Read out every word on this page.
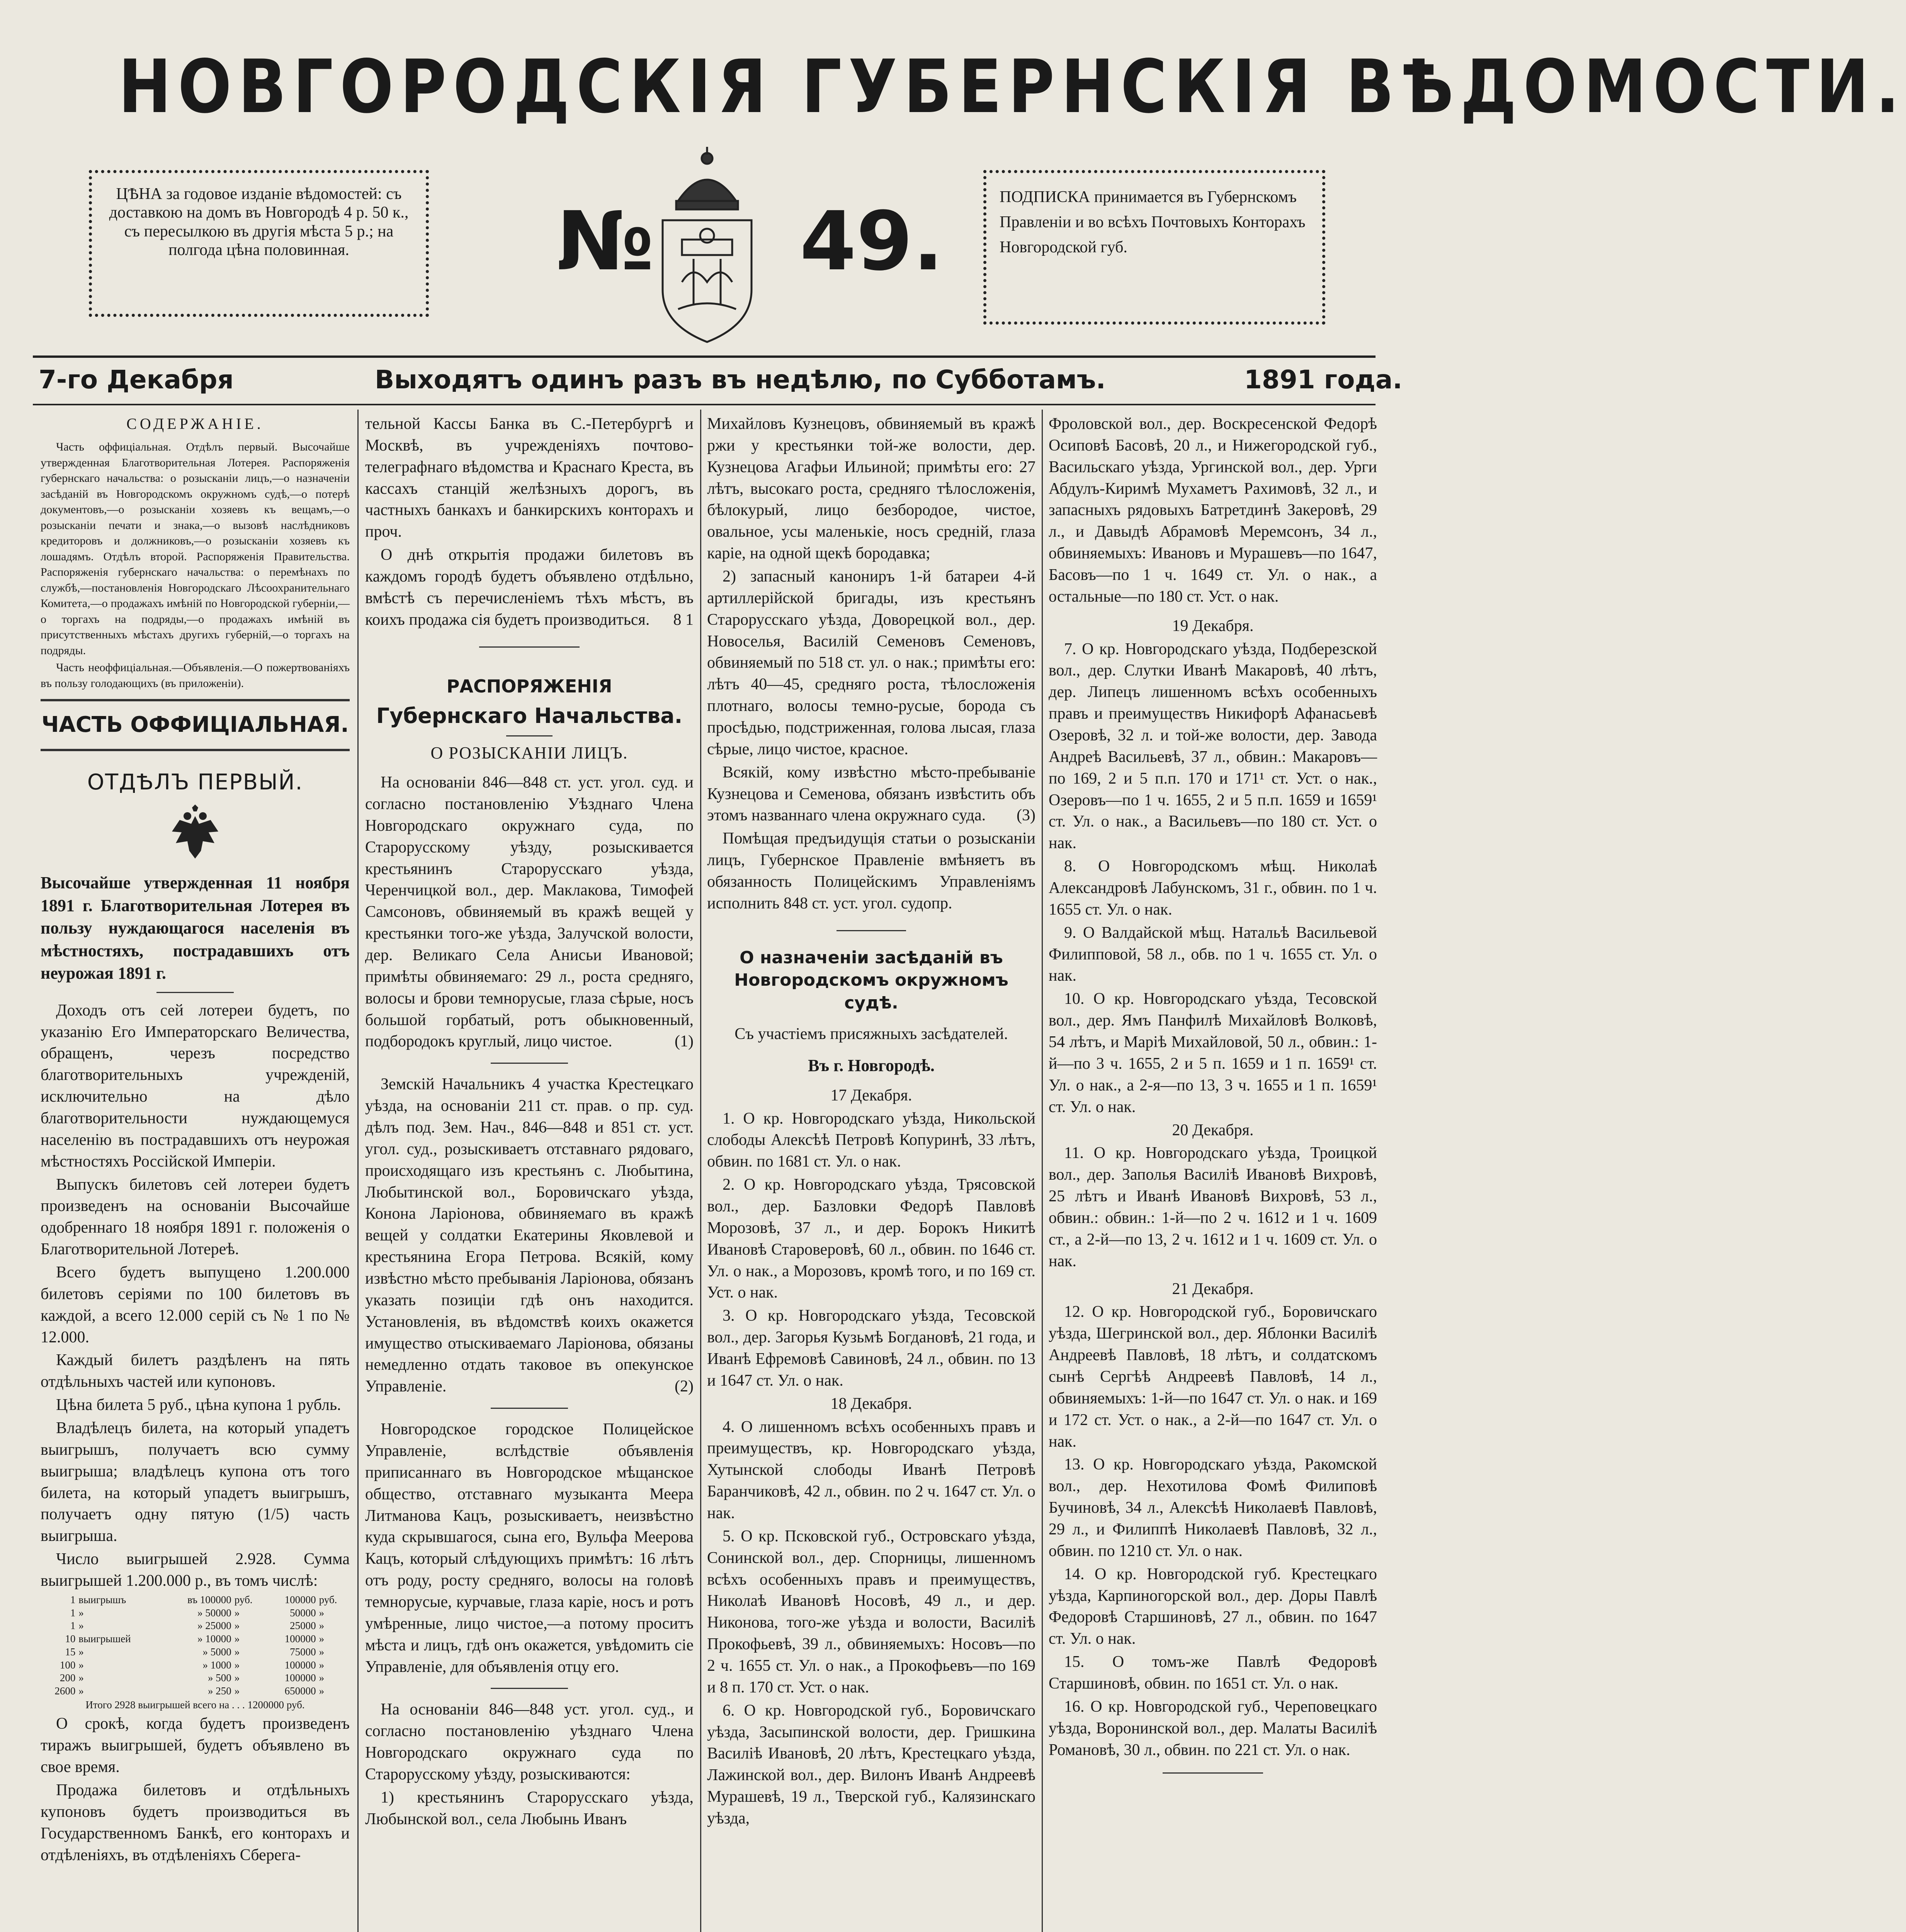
НОВГОРОДСКІЯ ГУБЕРНСКІЯ ВѢДОМОСТИ.
ЦѢНА за годовое изданіе вѣдомостей: съ доставкою на домъ въ Новгородѣ 4 р. 50 к., съ пересылкою въ другія мѣста 5 р.; на полгода цѣна половинная.	№ 49.	ПОДПИСКА принимается въ Губернскомъ Правленіи и во всѣхъ Почтовыхъ Конторахъ Новгородской губ.
7-го Декабря	Выходятъ одинъ разъ въ недѣлю, по Субботамъ.	1891 года.

СОДЕРЖАНІЕ.

Часть оффиціальная. Отдѣлъ первый. Высочайше утвержденная Благотворительная Лотерея. Распоряженія губернскаго начальства: о розысканіи лицъ,—о назначеніи засѣданій въ Новгородскомъ окружномъ судѣ,—о потерѣ документовъ,—о розысканіи хозяевъ къ вещамъ,—о розысканіи печати и знака,—о вызовѣ наслѣдниковъ кредиторовъ и должниковъ,—о розысканіи хозяевъ къ лошадямъ. Отдѣлъ второй. Распоряженія Правительства. Распоряженія губернскаго начальства: о перемѣнахъ по службѣ,—постановленія Новгородскаго Лѣсоохранительнаго Комитета,—о продажахъ имѣній по Новгородской губерніи,—о торгахъ на подряды,—о продажахъ имѣній въ присутственныхъ мѣстахъ другихъ губерній,—о торгахъ на подряды.

Часть неоффиціальная.—Объявленія.—О пожертвованіяхъ въ пользу голодающихъ (въ приложеніи).

ЧАСТЬ ОФФИЦІАЛЬНАЯ.

ОТДѢЛЪ ПЕРВЫЙ.

Высочайше утвержденная 11 ноября 1891 г. Благотворительная Лотерея въ пользу нуждающагося населенія въ мѣстностяхъ, пострадавшихъ отъ неурожая 1891 г.

Доходъ отъ сей лотереи будетъ, по указанію Его Императорскаго Величества, обращенъ, черезъ посредство благотворительныхъ учрежденій, исключительно на дѣло благотворительности нуждающемуся населенію въ пострадавшихъ отъ неурожая мѣстностяхъ Россійской Имперіи.

Выпускъ билетовъ сей лотереи будетъ произведенъ на основаніи Высочайше одобреннаго 18 ноября 1891 г. положенія о Благотворительной Лотереѣ.

Всего будетъ выпущено 1.200.000 билетовъ серіями по 100 билетовъ въ каждой, а всего 12.000 серій съ № 1 по № 12.000.

Каждый билетъ раздѣленъ на пять отдѣльныхъ частей или купоновъ.

Цѣна билета 5 руб., цѣна купона 1 рубль.

Владѣлецъ билета, на который упадетъ выигрышъ, получаетъ всю сумму выигрыша; владѣлецъ купона отъ того билета, на который упадетъ выигрышъ, получаетъ одну пятую (1/5) часть выигрыша.

Число выигрышей 2.928. Сумма выигрышей 1.200.000 р., въ томъ числѣ:

1	выигрышъ	въ 100000	руб.	100000	руб.
1	»	» 50000	»	50000	»
1	»	» 25000	»	25000	»
10	выигрышей	» 10000	»	100000	»
15	»	» 5000	»	75000	»
100	»	» 1000	»	100000	»
200	»	» 500	»	100000	»
2600	»	» 250	»	650000	»

Итого 2928 выигрышей всего на . . . 1200000 руб.

О срокѣ, когда будетъ произведенъ тиражъ выигрышей, будетъ объявлено въ свое время.

Продажа билетовъ и отдѣльныхъ купоновъ будетъ производиться въ Государственномъ Банкѣ, его конторахъ и отдѣленіяхъ, въ отдѣленіяхъ Сберега-

тельной Кассы Банка въ С.-Петербургѣ и Москвѣ, въ учрежденіяхъ почтово-телеграфнаго вѣдомства и Краснаго Креста, въ кассахъ станцій желѣзныхъ дорогъ, въ частныхъ банкахъ и банкирскихъ конторахъ и проч.

О днѣ открытія продажи билетовъ въ каждомъ городѣ будетъ объявлено отдѣльно, вмѣстѣ съ перечисленіемъ тѣхъ мѣстъ, въ коихъ продажа сія будетъ производиться.	8 1

РАСПОРЯЖЕНІЯ

Губернскаго Начальства.

О РОЗЫСКАНІИ ЛИЦЪ.

На основаніи 846—848 ст. уст. угол. суд. и согласно постановленію Уѣзднаго Члена Новгородскаго окружнаго суда, по Старорусскому уѣзду, розыскивается крестьянинъ Старорусскаго уѣзда, Черенчицкой вол., дер. Маклакова, Тимофей Самсоновъ, обвиняемый въ кражѣ вещей у крестьянки того-же уѣзда, Залучской волости, дер. Великаго Села Анисьи Ивановой; примѣты обвиняемаго: 29 л., роста средняго, волосы и брови темнорусые, глаза сѣрые, носъ большой горбатый, ротъ обыкновенный, подбородокъ круглый, лицо чистое.	(1)

Земскій Начальникъ 4 участка Крестецкаго уѣзда, на основаніи 211 ст. прав. о пр. суд. дѣлъ под. Зем. Нач., 846—848 и 851 ст. уст. угол. суд., розыскиваетъ отставнаго рядоваго, происходящаго изъ крестьянъ с. Любытина, Любытинской вол., Боровичскаго уѣзда, Конона Ларіонова, обвиняемаго въ кражѣ вещей у солдатки Екатерины Яковлевой и крестьянина Егора Петрова. Всякій, кому извѣстно мѣсто пребыванія Ларіонова, обязанъ указать позиціи гдѣ онъ находится. Установленія, въ вѣдомствѣ коихъ окажется имущество отыскиваемаго Ларіонова, обязаны немедленно отдать таковое въ опекунское Управленіе.	(2)

Новгородское городское Полицейское Управленіе, вслѣдствіе объявленія приписаннаго въ Новгородское мѣщанское общество, отставнаго музыканта Меера Литманова Кацъ, розыскиваетъ, неизвѣстно куда скрывшагося, сына его, Вульфа Меерова Кацъ, который слѣдующихъ примѣтъ: 16 лѣтъ отъ роду, росту средняго, волосы на головѣ темнорусые, курчавые, глаза каріе, носъ и ротъ умѣренные, лицо чистое,—а потому проситъ мѣста и лицъ, гдѣ онъ окажется, увѣдомить сіе Управленіе, для объявленія отцу его.

На основаніи 846—848 уст. угол. суд., и согласно постановленію уѣзднаго Члена Новгородскаго окружнаго суда по Старорусскому уѣзду, розыскиваются:

1) крестьянинъ Старорусскаго уѣзда, Любынской вол., села Любынь Иванъ

Михайловъ Кузнецовъ, обвиняемый въ кражѣ ржи у крестьянки той-же волости, дер. Кузнецова Агафьи Ильиной; примѣты его: 27 лѣтъ, высокаго роста, средняго тѣлосложенія, бѣлокурый, лицо безбородое, чистое, овальное, усы маленькіе, носъ средній, глаза каріе, на одной щекѣ бородавка;

2) запасный канониръ 1-й батареи 4-й артиллерійской бригады, изъ крестьянъ Старорусскаго уѣзда, Доворецкой вол., дер. Новоселья, Василій Семеновъ Семеновъ, обвиняемый по 518 ст. ул. о нак.; примѣты его: лѣтъ 40—45, средняго роста, тѣлосложенія плотнаго, волосы темно-русые, борода съ просѣдью, подстриженная, голова лысая, глаза сѣрые, лицо чистое, красное.

Всякій, кому извѣстно мѣсто-пребываніе Кузнецова и Семенова, обязанъ извѣстить объ этомъ названнаго члена окружнаго суда.	(3)

Помѣщая предъидущія статьи о розысканіи лицъ, Губернское Правленіе вмѣняетъ въ обязанность Полицейскимъ Управленіямъ исполнить 848 ст. уст. угол. судопр.

О назначеніи засѣданій въ Новгородскомъ окружномъ судѣ.

Съ участіемъ присяжныхъ засѣдателей.

Въ г. Новгородѣ.

17 Декабря.

1. О кр. Новгородскаго уѣзда, Никольской слободы Алексѣѣ Петровѣ Копуринѣ, 33 лѣтъ, обвин. по 1681 ст. Ул. о нак.

2. О кр. Новгородскаго уѣзда, Трясовской вол., дер. Базловки Федорѣ Павловѣ Морозовѣ, 37 л., и дер. Борокъ Никитѣ Ивановѣ Староверовѣ, 60 л., обвин. по 1646 ст. Ул. о нак., а Морозовъ, кромѣ того, и по 169 ст. Уст. о нак.

3. О кр. Новгородскаго уѣзда, Тесовской вол., дер. Загорья Кузьмѣ Богдановѣ, 21 года, и Иванѣ Ефремовѣ Савиновѣ, 24 л., обвин. по 13 и 1647 ст. Ул. о нак.

18 Декабря.

4. О лишенномъ всѣхъ особенныхъ правъ и преимуществъ, кр. Новгородскаго уѣзда, Хутынской слободы Иванѣ Петровѣ Баранчиковѣ, 42 л., обвин. по 2 ч. 1647 ст. Ул. о нак.

5. О кр. Псковской губ., Островскаго уѣзда, Сонинской вол., дер. Спорницы, лишенномъ всѣхъ особенныхъ правъ и преимуществъ, Николаѣ Ивановѣ Носовѣ, 49 л., и дер. Никонова, того-же уѣзда и волости, Василіѣ Прокофьевѣ, 39 л., обвиняемыхъ: Носовъ—по 2 ч. 1655 ст. Ул. о нак., а Прокофьевъ—по 169 и 8 п. 170 ст. Уст. о нак.

6. О кр. Новгородской губ., Боровичскаго уѣзда, Засыпинской волости, дер. Гришкина Василіѣ Ивановѣ, 20 лѣтъ, Крестецкаго уѣзда, Лажинской вол., дер. Вилонъ Иванѣ Андреевѣ Мурашевѣ, 19 л., Тверской губ., Калязинскаго уѣзда,

Фроловской вол., дер. Воскресенской Федорѣ Осиповѣ Басовѣ, 20 л., и Нижегородской губ., Васильскаго уѣзда, Ургинской вол., дер. Урги Абдулъ-Киримѣ Мухаметъ Рахимовѣ, 32 л., и запасныхъ рядовыхъ Батретдинѣ Закеровѣ, 29 л., и Давыдѣ Абрамовѣ Меремсонъ, 34 л., обвиняемыхъ: Ивановъ и Мурашевъ—по 1647, Басовъ—по 1 ч. 1649 ст. Ул. о нак., а остальные—по 180 ст. Уст. о нак.

19 Декабря.

7. О кр. Новгородскаго уѣзда, Подберезской вол., дер. Слутки Иванѣ Макаровѣ, 40 лѣтъ, дер. Липецъ лишенномъ всѣхъ особенныхъ правъ и преимуществъ Никифорѣ Афанасьевѣ Озеровѣ, 32 л. и той-же волости, дер. Завода Андреѣ Васильевѣ, 37 л., обвин.: Макаровъ—по 169, 2 и 5 п.п. 170 и 171¹ ст. Уст. о нак., Озеровъ—по 1 ч. 1655, 2 и 5 п.п. 1659 и 1659¹ ст. Ул. о нак., а Васильевъ—по 180 ст. Уст. о нак.

8. О Новгородскомъ мѣщ. Николаѣ Александровѣ Лабунскомъ, 31 г., обвин. по 1 ч. 1655 ст. Ул. о нак.

9. О Валдайской мѣщ. Натальѣ Васильевой Филипповой, 58 л., обв. по 1 ч. 1655 ст. Ул. о нак.

10. О кр. Новгородскаго уѣзда, Тесовской вол., дер. Ямъ Панфилѣ Михайловѣ Волковѣ, 54 лѣтъ, и Маріѣ Михайловой, 50 л., обвин.: 1-й—по 3 ч. 1655, 2 и 5 п. 1659 и 1 п. 1659¹ ст. Ул. о нак., а 2-я—по 13, 3 ч. 1655 и 1 п. 1659¹ ст. Ул. о нак.

20 Декабря.

11. О кр. Новгородскаго уѣзда, Троицкой вол., дер. Заполья Василіѣ Ивановѣ Вихровѣ, 25 лѣтъ и Иванѣ Ивановѣ Вихровѣ, 53 л., обвин.: обвин.: 1-й—по 2 ч. 1612 и 1 ч. 1609 ст., а 2-й—по 13, 2 ч. 1612 и 1 ч. 1609 ст. Ул. о нак.

21 Декабря.

12. О кр. Новгородской губ., Боровичскаго уѣзда, Шегринской вол., дер. Яблонки Василіѣ Андреевѣ Павловѣ, 18 лѣтъ, и солдатскомъ сынѣ Сергѣѣ Андреевѣ Павловѣ, 14 л., обвиняемыхъ: 1-й—по 1647 ст. Ул. о нак. и 169 и 172 ст. Уст. о нак., а 2-й—по 1647 ст. Ул. о нак.

13. О кр. Новгородскаго уѣзда, Ракомской вол., дер. Нехотилова Фомѣ Филиповѣ Бучиновѣ, 34 л., Алексѣѣ Николаевѣ Павловѣ, 29 л., и Филиппѣ Николаевѣ Павловѣ, 32 л., обвин. по 1210 ст. Ул. о нак.

14. О кр. Новгородской губ. Крестецкаго уѣзда, Карпиногорской вол., дер. Доры Павлѣ Федоровѣ Старшиновѣ, 27 л., обвин. по 1647 ст. Ул. о нак.

15. О томъ-же Павлѣ Федоровѣ Старшиновѣ, обвин. по 1651 ст. Ул. о нак.

16. О кр. Новгородской губ., Череповецкаго уѣзда, Воронинской вол., дер. Малаты Василіѣ Романовѣ, 30 л., обвин. по 221 ст. Ул. о нак.
